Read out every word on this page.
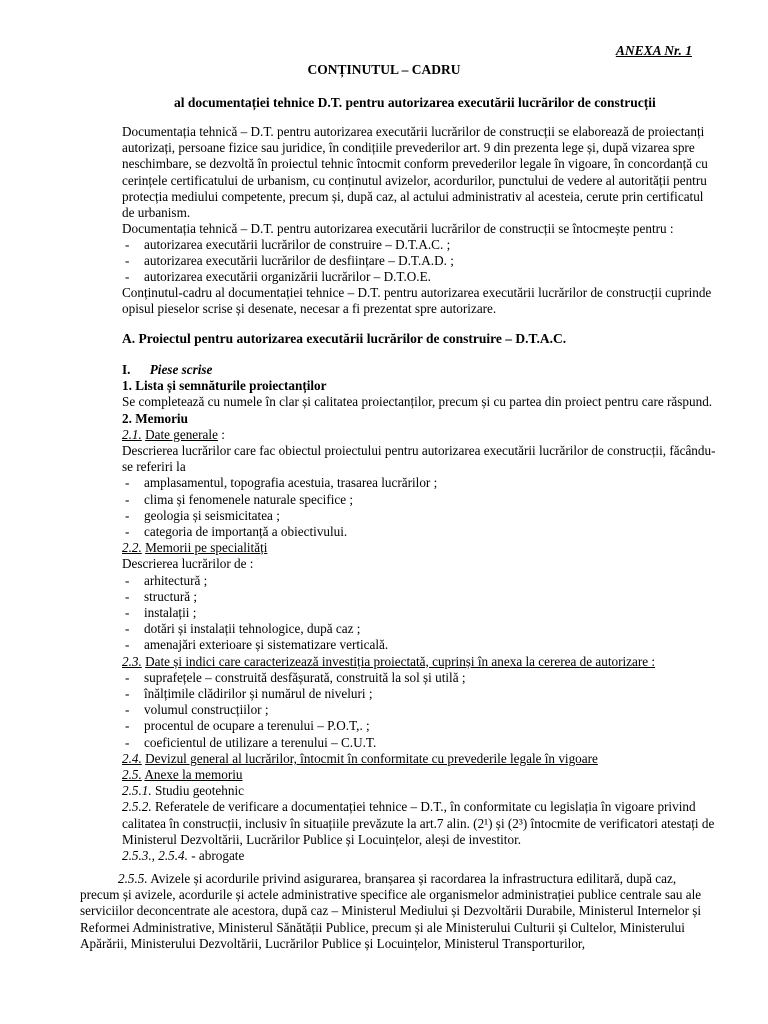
ANEXA Nr. 1
CONȚINUTUL – CADRU
al documentației tehnice D.T. pentru autorizarea executării lucrărilor de construcții

Documentația tehnică – D.T. pentru autorizarea executării lucrărilor de construcții se elaborează de proiectanți autorizați, persoane fizice sau juridice, în condițiile prevederilor art. 9 din prezenta lege și, după vizarea spre neschimbare, se dezvoltă în proiectul tehnic întocmit conform prevederilor legale în vigoare, în concordanță cu cerințele certificatului de urbanism, cu conținutul avizelor, acordurilor, punctului de vedere al autorității pentru protecția mediului competente, precum și, după caz, al actului administrativ al acesteia, cerute prin certificatul de urbanism.

Documentația tehnică – D.T. pentru autorizarea executării lucrărilor de construcții se întocmește pentru :

- autorizarea executării lucrărilor de construire – D.T.A.C. ;
- autorizarea executării lucrărilor de desființare – D.T.A.D. ;
- autorizarea executării organizării lucrărilor – D.T.O.E.

Conținutul-cadru al documentației tehnice – D.T. pentru autorizarea executării lucrărilor de construcții cuprinde opisul pieselor scrise și desenate, necesar a fi prezentat spre autorizare.

A. Proiectul pentru autorizarea executării lucrărilor de construire – D.T.A.C.
I. Piese scrise
1. Lista și semnăturile proiectanților

Se completează cu numele în clar și calitatea proiectanților, precum și cu partea din proiect pentru care răspund.

2. Memoriu
2.1. Date generale :

Descrierea lucrărilor care fac obiectul proiectului pentru autorizarea executării lucrărilor de construcții, făcându-se referiri la

- amplasamentul, topografia acestuia, trasarea lucrărilor ;
- clima și fenomenele naturale specifice ;
- geologia și seismicitatea ;
- categoria de importanță a obiectivului.
2.2. Memorii pe specialități

Descrierea lucrărilor de :

- arhitectură ;
- structură ;
- instalații ;
- dotări și instalații tehnologice, după caz ;
- amenajări exterioare și sistematizare verticală.
2.3. Date și indici care caracterizează investiția proiectată, cuprinși în anexa la cererea de autorizare :
- suprafețele – construită desfășurată, construită la sol și utilă ;
- înălțimile clădirilor și numărul de niveluri ;
- volumul construcțiilor ;
- procentul de ocupare a terenului – P.O.T,. ;
- coeficientul de utilizare a terenului – C.U.T.
2.4. Devizul general al lucrărilor, întocmit în conformitate cu prevederile legale în vigoare
2.5. Anexe la memoriu
2.5.1. Studiu geotehnic

2.5.2. Referatele de verificare a documentației tehnice – D.T., în conformitate cu legislația în vigoare privind calitatea în construcții, inclusiv în situațiile prevăzute la art.7 alin. (2¹) și (2³) întocmite de verificatori atestați de Ministerul Dezvoltării, Lucrărilor Publice și Locuințelor, aleși de investitor.

2.5.3., 2.5.4. - abrogate
2.5.5. Avizele și acordurile privind asigurarea, branșarea și racordarea la infrastructura edilitară, după caz, precum și avizele, acordurile și actele administrative specifice ale organismelor administrației publice centrale sau ale serviciilor deconcentrate ale acestora, după caz – Ministerul Mediului și Dezvoltării Durabile, Ministerul Internelor și Reformei Administrative, Ministerul Sănătății Publice, precum și ale Ministerului Culturii și Cultelor, Ministerului Apărării, Ministerului Dezvoltării, Lucrărilor Publice și Locuințelor, Ministerul Transporturilor,
